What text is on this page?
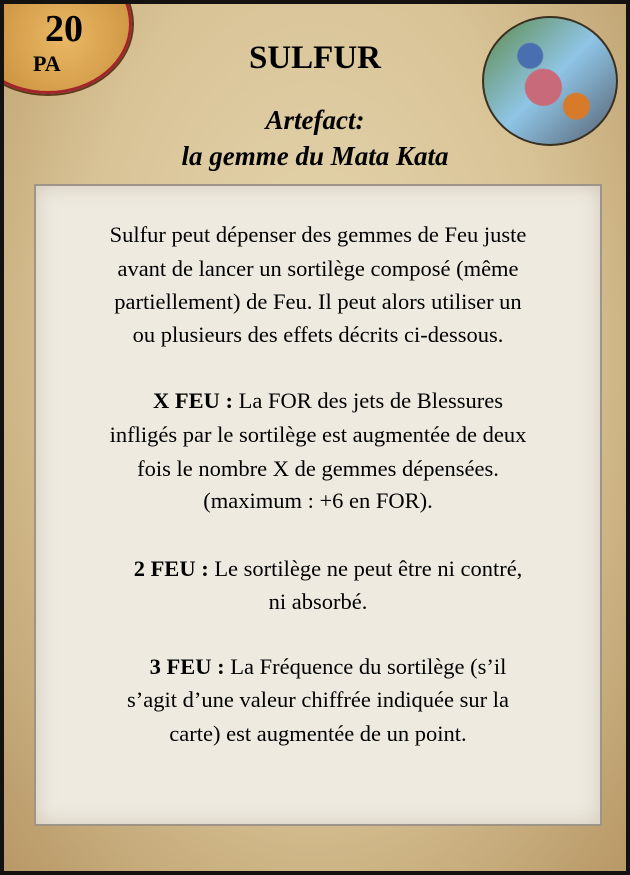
20
PA	SULFUR
Artefact:
la gemme du Mata Kata
Sulfur peut dépenser des gemmes de Feu juste
avant de lancer un sortilège composé (même
partiellement) de Feu. Il peut alors utiliser un
ou plusieurs des effets décrits ci-dessous.
X FEU : La FOR des jets de Blessures
infligés par le sortilège est augmentée de deux
fois le nombre X de gemmes dépensées.
(maximum : +6 en FOR).
2 FEU : Le sortilège ne peut être ni contré,
ni absorbé.
3 FEU : La Fréquence du sortilège (s’il
s’agit d’une valeur chiffrée indiquée sur la
carte) est augmentée de un point.
